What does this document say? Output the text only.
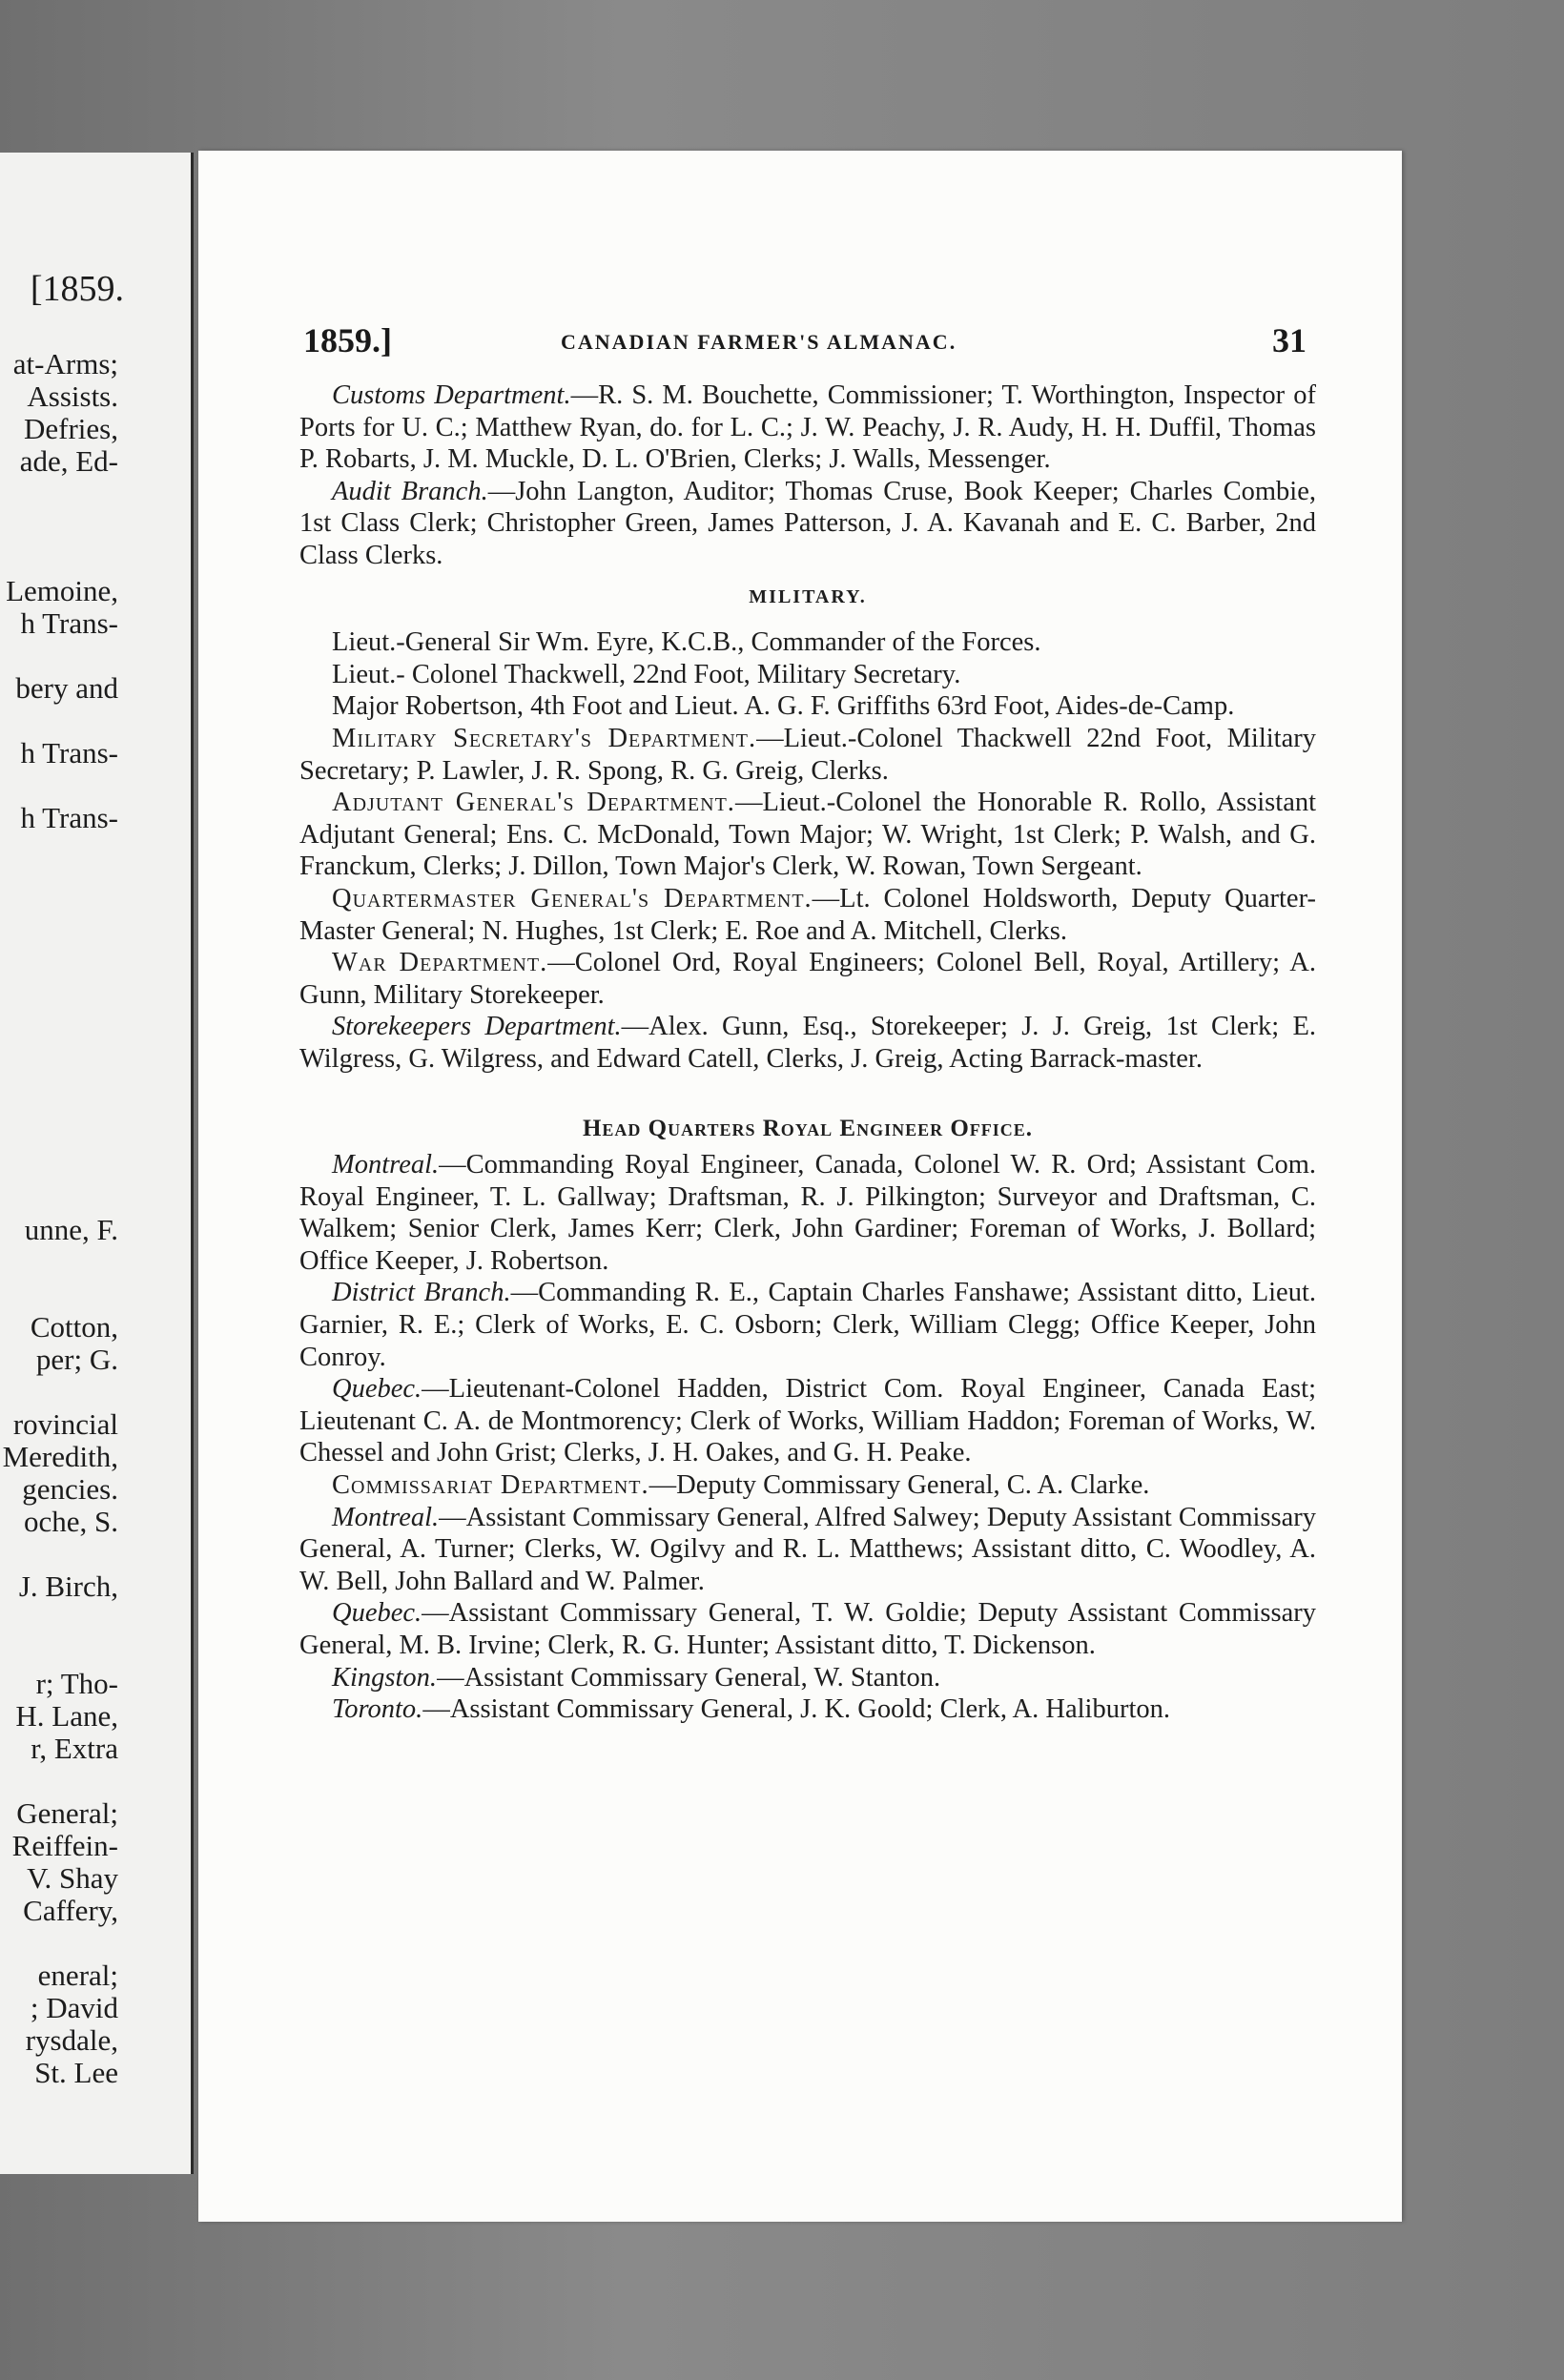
[1859.
at-Arms;
Assists.
Defries,
ade, Ed-
Lemoine,
h Trans-
bery and
h Trans-
h Trans-
unne, F.
Cotton,
per; G.
rovincial
Meredith,
gencies.
oche, S.
J. Birch,
r; Tho-
H. Lane,
r, Extra
General;
Reiffein-
V. Shay
Caffery,
eneral;
; David
rysdale,
St. Lee
1859.]	CANADIAN FARMER'S ALMANAC.	31

Customs Department.—R. S. M. Bouchette, Commissioner; T. Worthington, Inspector of Ports for U. C.; Matthew Ryan, do. for L. C.; J. W. Peachy, J. R. Audy, H. H. Duffil, Thomas P. Robarts, J. M. Muckle, D. L. O'Brien, Clerks; J. Walls, Messenger.

Audit Branch.—John Langton, Auditor; Thomas Cruse, Book Keeper; Charles Combie, 1st Class Clerk; Christopher Green, James Patterson, J. A. Kavanah and E. C. Barber, 2nd Class Clerks.

MILITARY.

Lieut.-General Sir Wm. Eyre, K.C.B., Commander of the Forces.

Lieut.- Colonel Thackwell, 22nd Foot, Military Secretary.

Major Robertson, 4th Foot and Lieut. A. G. F. Griffiths 63rd Foot, Aides-de-Camp.

Military Secretary's Department.—Lieut.-Colonel Thackwell 22nd Foot, Military Secretary; P. Lawler, J. R. Spong, R. G. Greig, Clerks.

Adjutant General's Department.—Lieut.-Colonel the Honorable R. Rollo, Assistant Adjutant General; Ens. C. McDonald, Town Major; W. Wright, 1st Clerk; P. Walsh, and G. Franckum, Clerks; J. Dillon, Town Major's Clerk, W. Rowan, Town Sergeant.

Quartermaster General's Department.—Lt. Colonel Holdsworth, Deputy Quarter-Master General; N. Hughes, 1st Clerk; E. Roe and A. Mitchell, Clerks.

War Department.—Colonel Ord, Royal Engineers; Colonel Bell, Royal, Artillery; A. Gunn, Military Storekeeper.

Storekeepers Department.—Alex. Gunn, Esq., Storekeeper; J. J. Greig, 1st Clerk; E. Wilgress, G. Wilgress, and Edward Catell, Clerks, J. Greig, Acting Barrack-master.

Head Quarters Royal Engineer Office.

Montreal.—Commanding Royal Engineer, Canada, Colonel W. R. Ord; Assistant Com. Royal Engineer, T. L. Gallway; Draftsman, R. J. Pilkington; Surveyor and Draftsman, C. Walkem; Senior Clerk, James Kerr; Clerk, John Gardiner; Foreman of Works, J. Bollard; Office Keeper, J. Robertson.

District Branch.—Commanding R. E., Captain Charles Fanshawe; Assistant ditto, Lieut. Garnier, R. E.; Clerk of Works, E. C. Osborn; Clerk, William Clegg; Office Keeper, John Conroy.

Quebec.—Lieutenant-Colonel Hadden, District Com. Royal Engineer, Canada East; Lieutenant C. A. de Montmorency; Clerk of Works, William Haddon; Foreman of Works, W. Chessel and John Grist; Clerks, J. H. Oakes, and G. H. Peake.

Commissariat Department.—Deputy Commissary General, C. A. Clarke.

Montreal.—Assistant Commissary General, Alfred Salwey; Deputy Assistant Commissary General, A. Turner; Clerks, W. Ogilvy and R. L. Matthews; Assistant ditto, C. Woodley, A. W. Bell, John Ballard and W. Palmer.

Quebec.—Assistant Commissary General, T. W. Goldie; Deputy Assistant Commissary General, M. B. Irvine; Clerk, R. G. Hunter; Assistant ditto, T. Dickenson.

Kingston.—Assistant Commissary General, W. Stanton.

Toronto.—Assistant Commissary General, J. K. Goold; Clerk, A. Haliburton.
